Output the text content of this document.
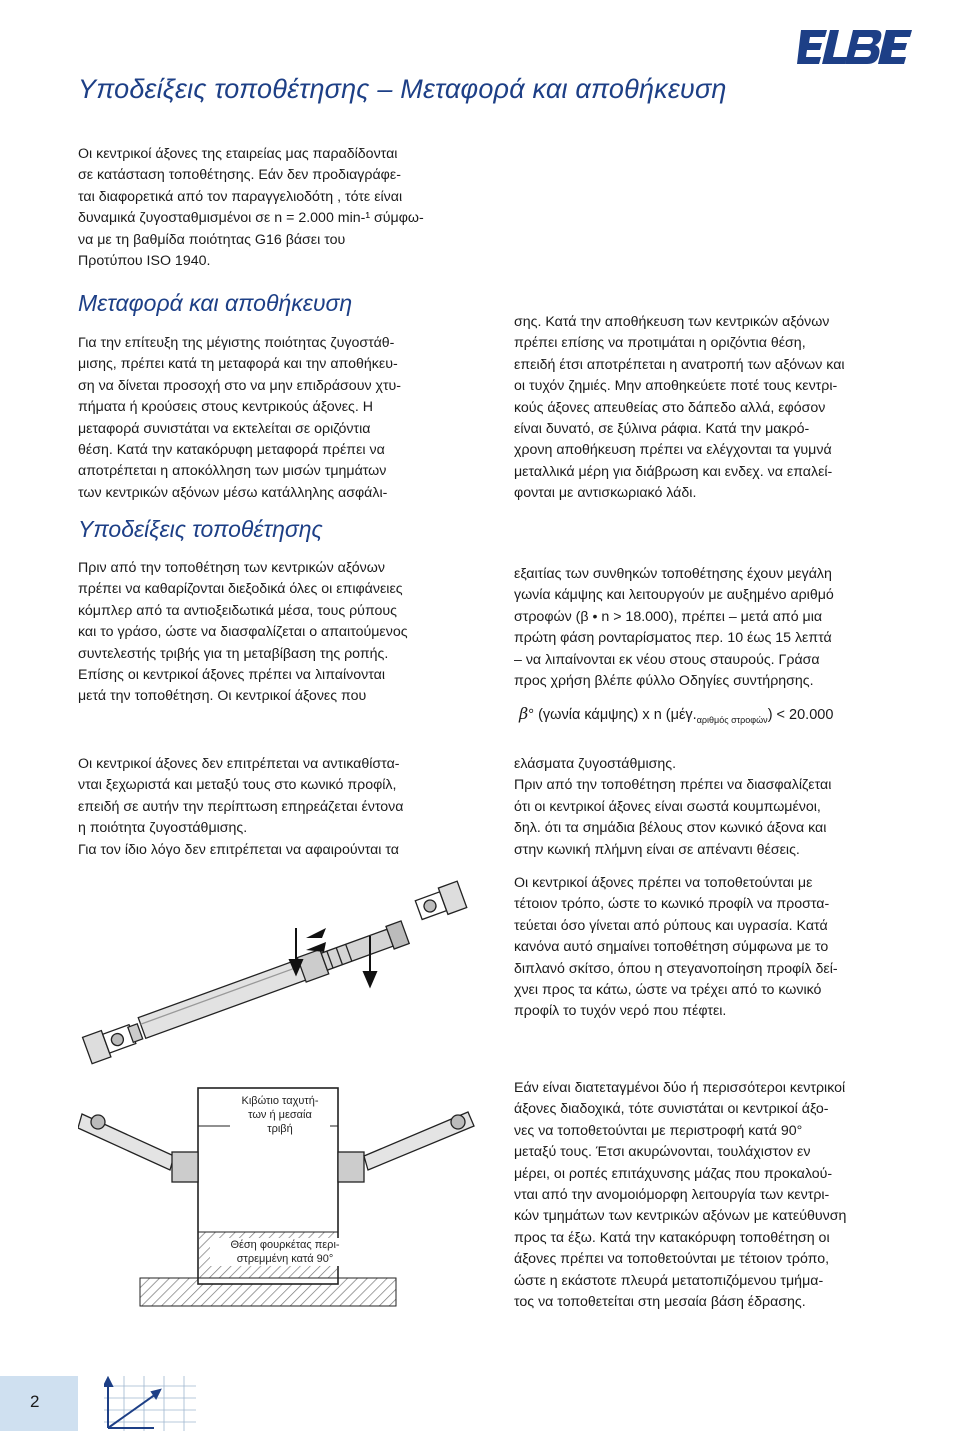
Υποδείξεις τοποθέτησης – Μεταφορά και αποθήκευση

Οι κεντρικοί άξονες της εταιρείας μας παραδίδονται
σε κατάσταση τοποθέτησης. Εάν δεν προδιαγράφε-
ται διαφορετικά από τον παραγγελιοδότη , τότε είναι
δυναμικά ζυγοσταθμισμένοι σε n = 2.000 min-¹ σύμφω-
να με τη βαθμίδα ποιότητας G16 βάσει του
Προτύπου ISO 1940.

Μεταφορά και αποθήκευση

Για την επίτευξη της μέγιστης ποιότητας ζυγοστάθ-
μισης, πρέπει κατά τη μεταφορά και την αποθήκευ-
ση να δίνεται προσοχή στο να μην επιδράσουν χτυ-
πήματα ή κρούσεις στους κεντρικούς άξονες. Η
μεταφορά συνιστάται να εκτελείται σε οριζόντια
θέση. Κατά την κατακόρυφη μεταφορά πρέπει να
αποτρέπεται η αποκόλληση των μισών τμημάτων
των κεντρικών αξόνων μέσω κατάλληλης ασφάλι-

σης. Κατά την αποθήκευση των κεντρικών αξόνων
πρέπει επίσης να προτιμάται η οριζόντια θέση,
επειδή έτσι αποτρέπεται η ανατροπή των αξόνων και
οι τυχόν ζημιές. Μην αποθηκεύετε ποτέ τους κεντρι-
κούς άξονες απευθείας στο δάπεδο αλλά, εφόσον
είναι δυνατό, σε ξύλινα ράφια. Κατά την μακρό-
χρονη αποθήκευση πρέπει να ελέγχονται τα γυμνά
μεταλλικά μέρη για διάβρωση και ενδεχ. να επαλεί-
φονται με αντισκωριακό λάδι.

Υποδείξεις τοποθέτησης

Πριν από την τοποθέτηση των κεντρικών αξόνων
πρέπει να καθαρίζονται διεξοδικά όλες οι επιφάνειες
κόμπλερ από τα αντιοξειδωτικά μέσα, τους ρύπους
και το γράσο, ώστε να διασφαλίζεται ο απαιτούμενος
συντελεστής τριβής για τη μεταβίβαση της ροπής.
Επίσης οι κεντρικοί άξονες πρέπει να λιπαίνονται
μετά την τοποθέτηση. Οι κεντρικοί άξονες που

εξαιτίας των συνθηκών τοποθέτησης έχουν μεγάλη
γωνία κάμψης και λειτουργούν με αυξημένο αριθμό
στροφών (β • n > 18.000), πρέπει – μετά από μια
πρώτη φάση ρονταρίσματος περ. 10 έως 15 λεπτά
– να λιπαίνονται εκ νέου στους σταυρούς. Γράσα
προς χρήση βλέπε φύλλο Οδηγίες συντήρησης.

β° (γωνία κάμψης) x n $(\mu έ\gamma._{\alpha\rho\iota\theta\mu ό\varsigma \sigma\tau\rho o\varphi ώ\nu}) < 20.000$

Οι κεντρικοί άξονες δεν επιτρέπεται να αντικαθίστα-
νται ξεχωριστά και μεταξύ τους στο κωνικό προφίλ,
επειδή σε αυτήν την περίπτωση επηρεάζεται έντονα
η ποιότητα ζυγοστάθμισης.
Για τον ίδιο λόγο δεν επιτρέπεται να αφαιρούνται τα

ελάσματα ζυγοστάθμισης.
Πριν από την τοποθέτηση πρέπει να διασφαλίζεται
ότι οι κεντρικοί άξονες είναι σωστά κουμπωμένοι,
δηλ. ότι τα σημάδια βέλους στον κωνικό άξονα και
στην κωνική πλήμνη είναι σε απέναντι θέσεις.

Οι κεντρικοί άξονες πρέπει να τοποθετούνται με
τέτοιον τρόπο, ώστε το κωνικό προφίλ να προστα-
τεύεται όσο γίνεται από ρύπους και υγρασία. Κατά
κανόνα αυτό σημαίνει τοποθέτηση σύμφωνα με το
διπλανό σκίτσο, όπου η στεγανοποίηση προφίλ δεί-
χνει προς τα κάτω, ώστε να τρέχει από το κωνικό
προφίλ το τυχόν νερό που πέφτει.

Εάν είναι διατεταγμένοι δύο ή περισσότεροι κεντρικοί
άξονες διαδοχικά, τότε συνιστάται οι κεντρικοί άξο-
νες να τοποθετούνται με περιστροφή κατά 90°
μεταξύ τους. Έτσι ακυρώνονται, τουλάχιστον εν
μέρει, οι ροπές επιτάχυνσης μάζας που προκαλού-
νται από την ανομοιόμορφη λειτουργία των κεντρι-
κών τμημάτων των κεντρικών αξόνων με κατεύθυνση
προς τα έξω. Κατά την κατακόρυφη τοποθέτηση οι
άξονες πρέπει να τοποθετούνται με τέτοιον τρόπο,
ώστε η εκάστοτε πλευρά μετατοπιζόμενου τμήμα-
τος να τοποθετείται στη μεσαία βάση έδρασης.

Κιβώτιο ταχυτή-
των ή μεσαία
τριβή
Θέση φουρκέτας περι-
στρεμμένη κατά 90°
2
